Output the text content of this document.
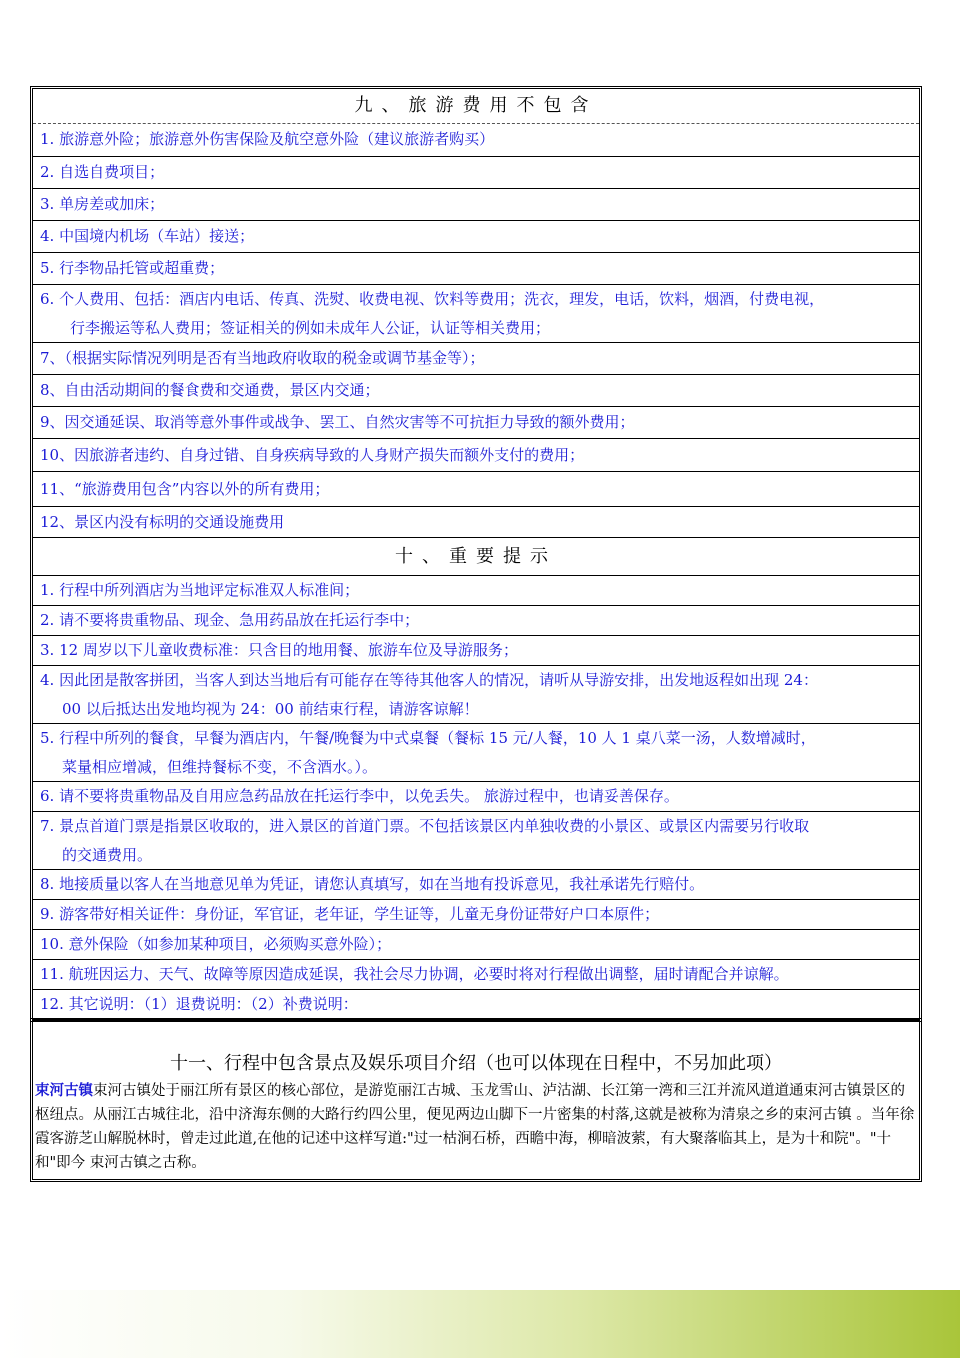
九、旅游费用不包含
1. 旅游意外险；旅游意外伤害保险及航空意外险（建议旅游者购买）
2. 自选自费项目；
3. 单房差或加床；
4. 中国境内机场（车站）接送；
5. 行李物品托管或超重费；
6. 个人费用、包括：酒店内电话、传真、洗熨、收费电视、饮料等费用；洗衣，理发，电话，饮料，烟酒，付费电视，
行李搬运等私人费用；签证相关的例如未成年人公证，认证等相关费用；
7、（根据实际情况列明是否有当地政府收取的税金或调节基金等）；
8、自由活动期间的餐食费和交通费，景区内交通；
9、因交通延误、取消等意外事件或战争、罢工、自然灾害等不可抗拒力导致的额外费用；
10、因旅游者违约、自身过错、自身疾病导致的人身财产损失而额外支付的费用；
11、“旅游费用包含”内容以外的所有费用；
12、景区内没有标明的交通设施费用
十、重要提示
1. 行程中所列酒店为当地评定标准双人标准间；
2. 请不要将贵重物品、现金、急用药品放在托运行李中；
3. 12 周岁以下儿童收费标准：只含目的地用餐、旅游车位及导游服务；
4. 因此团是散客拼团，当客人到达当地后有可能存在等待其他客人的情况，请听从导游安排，出发地返程如出现 24：
00 以后抵达出发地均视为 24：00 前结束行程，请游客谅解！
5. 行程中所列的餐食，早餐为酒店内，午餐/晚餐为中式桌餐（餐标 15 元/人餐，10 人 1 桌八菜一汤，人数增减时，
菜量相应增减，但维持餐标不变，不含酒水。）。
6. 请不要将贵重物品及自用应急药品放在托运行李中，以免丢失。 旅游过程中，也请妥善保存。
7. 景点首道门票是指景区收取的，进入景区的首道门票。不包括该景区内单独收费的小景区、或景区内需要另行收取
的交通费用。
8. 地接质量以客人在当地意见单为凭证，请您认真填写，如在当地有投诉意见，我社承诺先行赔付。
9. 游客带好相关证件：身份证，军官证，老年证，学生证等，儿童无身份证带好户口本原件；
10. 意外保险（如参加某种项目，必须购买意外险）；
11. 航班因运力、天气、故障等原因造成延误，我社会尽力协调，必要时将对行程做出调整，届时请配合并谅解。
12. 其它说明：（1）退费说明：（2）补费说明：
十一、行程中包含景点及娱乐项目介绍（也可以体现在日程中，不另加此项）
束河古镇束河古镇处于丽江所有景区的核心部位，是游览丽江古城、玉龙雪山、泸沽湖、长江第一湾和三江并流风道道通束河古镇景区的枢纽点。从丽江古城往北，沿中济海东侧的大路行约四公里，便见两边山脚下一片密集的村落,这就是被称为清泉之乡的束河古镇 。当年徐霞客游芝山解脱林时，曾走过此道,在他的记述中这样写道:"过一枯涧石桥，西瞻中海，柳暗波萦，有大聚落临其上，是为十和院"。"十和"即今 束河古镇之古称。
